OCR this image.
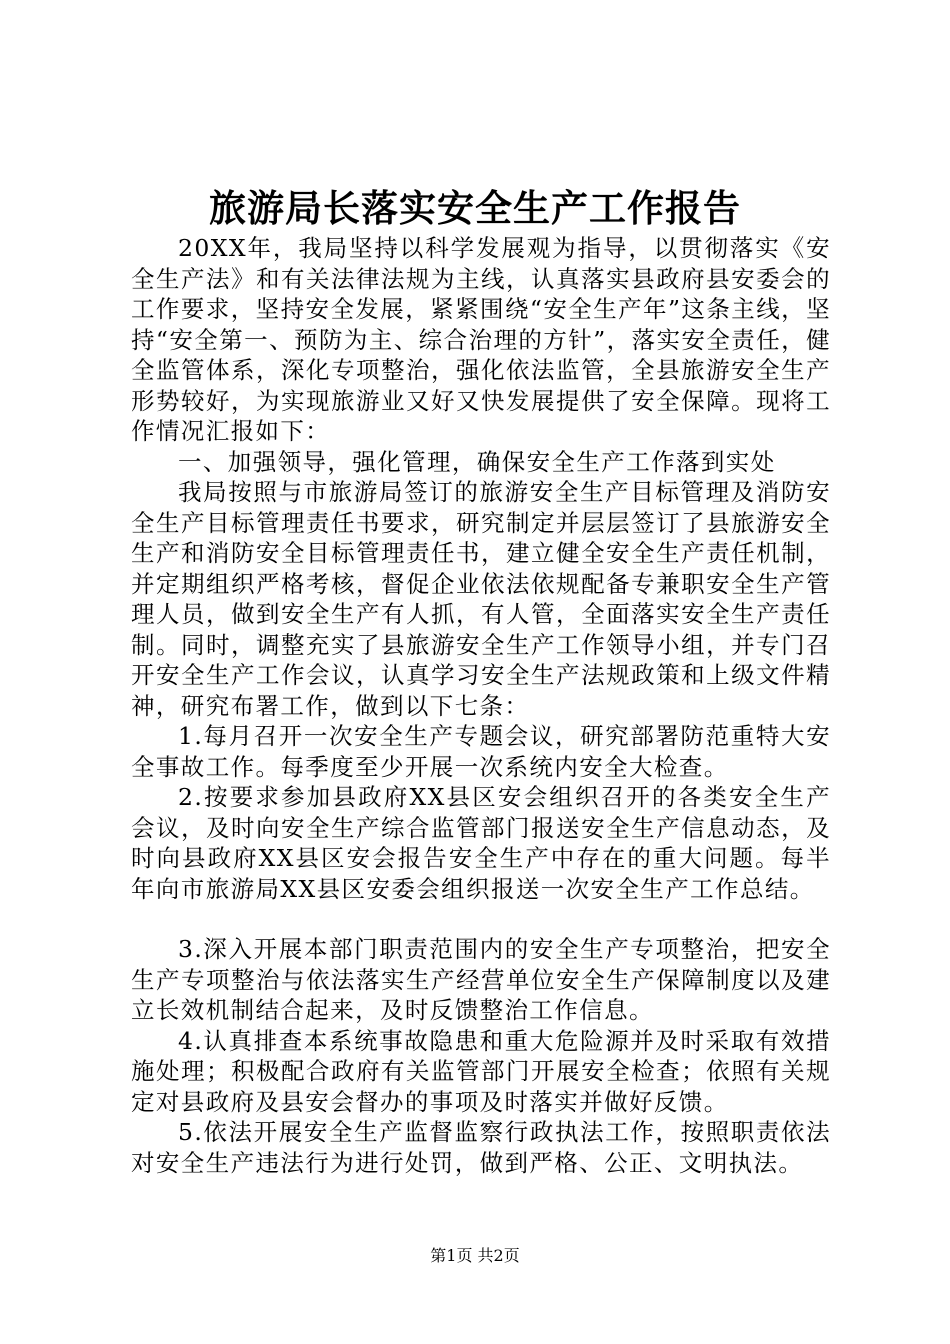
旅游局长落实安全生产工作报告

20XX年，我局坚持以科学发展观为指导，以贯彻落实《安全生产法》和有关法律法规为主线，认真落实县政府县安委会的工作要求，坚持安全发展，紧紧围绕“安全生产年”这条主线，坚持“安全第一、预防为主、综合治理的方针”，落实安全责任，健全监管体系，深化专项整治，强化依法监管，全县旅游安全生产形势较好，为实现旅游业又好又快发展提供了安全保障。现将工作情况汇报如下：

一、加强领导，强化管理，确保安全生产工作落到实处

我局按照与市旅游局签订的旅游安全生产目标管理及消防安全生产目标管理责任书要求，研究制定并层层签订了县旅游安全生产和消防安全目标管理责任书，建立健全安全生产责任机制，并定期组织严格考核，督促企业依法依规配备专兼职安全生产管理人员，做到安全生产有人抓，有人管，全面落实安全生产责任制。同时，调整充实了县旅游安全生产工作领导小组，并专门召开安全生产工作会议，认真学习安全生产法规政策和上级文件精神，研究布署工作，做到以下七条：

1.每月召开一次安全生产专题会议，研究部署防范重特大安全事故工作。每季度至少开展一次系统内安全大检查。

2.按要求参加县政府XX县区安会组织召开的各类安全生产会议，及时向安全生产综合监管部门报送安全生产信息动态，及时向县政府XX县区安会报告安全生产中存在的重大问题。每半年向市旅游局XX县区安委会组织报送一次安全生产工作总结。

3.深入开展本部门职责范围内的安全生产专项整治，把安全生产专项整治与依法落实生产经营单位安全生产保障制度以及建立长效机制结合起来，及时反馈整治工作信息。

4.认真排查本系统事故隐患和重大危险源并及时采取有效措施处理；积极配合政府有关监管部门开展安全检查；依照有关规定对县政府及县安会督办的事项及时落实并做好反馈。

5.依法开展安全生产监督监察行政执法工作，按照职责依法对安全生产违法行为进行处罚，做到严格、公正、文明执法。

第1页 共2页
